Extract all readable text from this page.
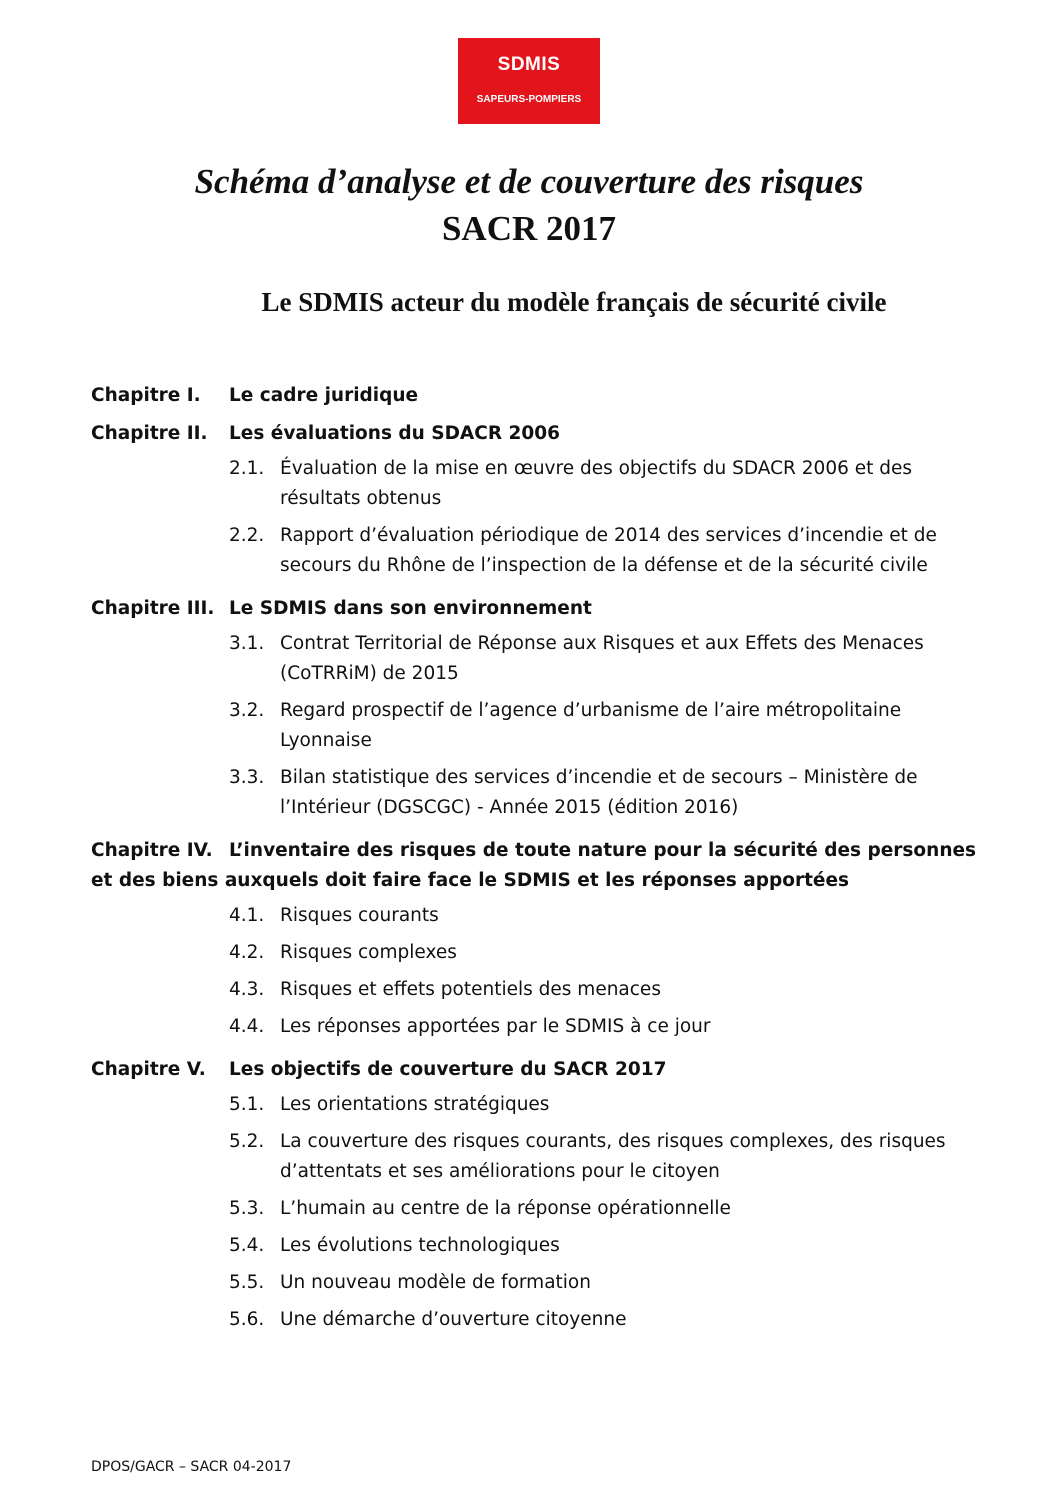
SDMIS
SAPEURS-POMPIERS
Schéma d’analyse et de couverture des risques
SACR 2017
Le SDMIS acteur du modèle français de sécurité civile
Chapitre I. Le cadre juridique
Chapitre II. Les évaluations du SDACR 2006
2.1. Évaluation de la mise en œuvre des objectifs du SDACR 2006 et des résultats obtenus
2.2. Rapport d’évaluation périodique de 2014 des services d’incendie et de secours du Rhône de l’inspection de la défense et de la sécurité civile
Chapitre III. Le SDMIS dans son environnement
3.1. Contrat Territorial de Réponse aux Risques et aux Effets des Menaces (CoTRRiM) de 2015
3.2. Regard prospectif de l’agence d’urbanisme de l’aire métropolitaine Lyonnaise
3.3. Bilan statistique des services d’incendie et de secours – Ministère de l’Intérieur (DGSCGC) - Année 2015 (édition 2016)
Chapitre IV. L’inventaire des risques de toute nature pour la sécurité des personnes et des biens auxquels doit faire face le SDMIS et les réponses apportées
4.1. Risques courants
4.2. Risques complexes
4.3. Risques et effets potentiels des menaces
4.4. Les réponses apportées par le SDMIS à ce jour
Chapitre V. Les objectifs de couverture du SACR 2017
5.1. Les orientations stratégiques
5.2. La couverture des risques courants, des risques complexes, des risques d’attentats et ses améliorations pour le citoyen
5.3. L’humain au centre de la réponse opérationnelle
5.4. Les évolutions technologiques
5.5. Un nouveau modèle de formation
5.6. Une démarche d’ouverture citoyenne
DPOS/GACR – SACR 04-2017
